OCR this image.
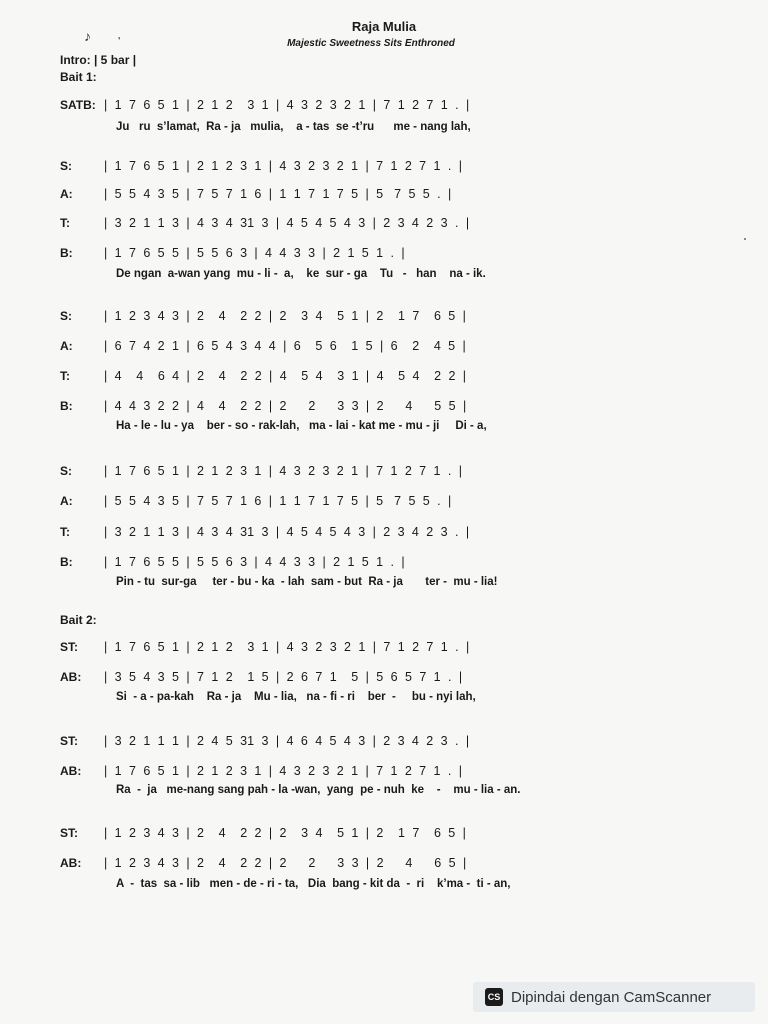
♪	❜
Raja Mulia
Majestic Sweetness Sits Enthroned
Intro: | 5 bar |
Bait 1:
SATB: |  1  7  6  5  1  |  2  1  2    3  1  |  4  3  2  3  2  1  |  7  1  2  7  1  .  |
Ju   ru  s’lamat,  Ra - ja   mulia,    a - tas  se -t’ru      me - nang lah,
S:	|  1  7  6  5  1  |  2  1  2  3  1  |  4  3  2  3  2  1  |  7  1  2  7  1  .  |
A:	|  5  5  4  3  5  |  7  5  7  1  6  |  1  1  7  1  7  5  |  5   7  5  5  .  |
T:	|  3  2  1  1  3  |  4  3  4  31  3  |  4  5  4  5  4  3  |  2  3  4  2  3  .  |
B:	|  1  7  6  5  5  |  5  5  6  3  |  4  4  3  3  |  2  1  5  1  .  |
De ngan  a-wan yang  mu - li -  a,    ke  sur - ga    Tu   -   han    na - ik.
S:	|  1  2  3  4  3  |  2    4    2  2  |  2    3  4    5  1  |  2    1  7    6  5  |
A:	|  6  7  4  2  1  |  6  5  4  3  4  4  |  6    5  6    1  5  |  6    2    4  5  |
T:	|  4    4    6  4  |  2    4    2  2  |  4    5  4    3  1  |  4    5  4    2  2  |
B:	|  4  4  3  2  2  |  4    4    2  2  |  2      2      3  3  |  2      4      5  5  |
Ha - le - lu - ya    ber - so - rak-lah,   ma - lai - kat me - mu - ji     Di - a,
S:	|  1  7  6  5  1  |  2  1  2  3  1  |  4  3  2  3  2  1  |  7  1  2  7  1  .  |
A:	|  5  5  4  3  5  |  7  5  7  1  6  |  1  1  7  1  7  5  |  5   7  5  5  .  |
T:	|  3  2  1  1  3  |  4  3  4  31  3  |  4  5  4  5  4  3  |  2  3  4  2  3  .  |
B:	|  1  7  6  5  5  |  5  5  6  3  |  4  4  3  3  |  2  1  5  1  .  |
Pin - tu  sur-ga     ter - bu - ka  - lah  sam - but  Ra - ja       ter -  mu - lia!
Bait 2:
ST: |  1  7  6  5  1  |  2  1  2    3  1  |  4  3  2  3  2  1  |  7  1  2  7  1  .  |
AB: |  3  5  4  3  5  |  7  1  2    1  5  |  2  6  7  1    5  |  5  6  5  7  1  .  |
Si  - a - pa-kah    Ra - ja    Mu - lia,   na - fi - ri    ber  -     bu - nyi lah,
ST: |  3  2  1  1  1  |  2  4  5  31  3  |  4  6  4  5  4  3  |  2  3  4  2  3  .  |
AB: |  1  7  6  5  1  |  2  1  2  3  1  |  4  3  2  3  2  1  |  7  1  2  7  1  .  |
Ra  -  ja   me-nang sang pah - la -wan,  yang  pe - nuh  ke    -    mu - lia - an.
ST: |  1  2  3  4  3  |  2    4    2  2  |  2    3  4    5  1  |  2    1  7    6  5  |
AB: |  1  2  3  4  3  |  2    4    2  2  |  2      2      3  3  |  2      4      6  5  |
A  -  tas  sa - lib   men - de - ri - ta,   Dia  bang - kit da  -  ri    k’ma -  ti - an,
CS Dipindai dengan CamScanner
